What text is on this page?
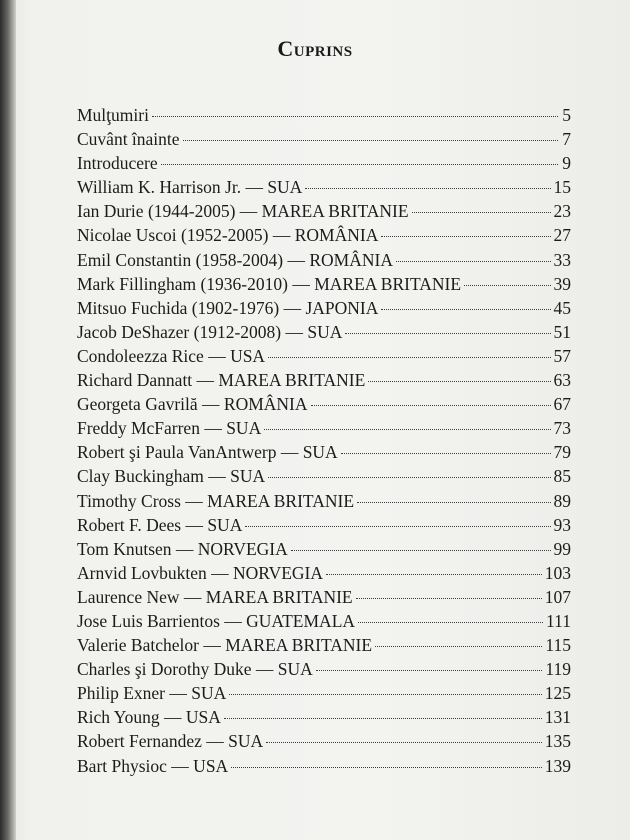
Cuprins
Mulţumiri	5
Cuvânt înainte	7
Introducere	9
William K. Harrison Jr. — SUA	15
Ian Durie (1944-2005) — MAREA BRITANIE	23
Nicolae Uscoi (1952-2005) — ROMÂNIA	27
Emil Constantin (1958-2004) — ROMÂNIA	33
Mark Fillingham (1936-2010) — MAREA BRITANIE	39
Mitsuo Fuchida (1902-1976) — JAPONIA	45
Jacob DeShazer (1912-2008) — SUA	51
Condoleezza Rice — USA	57
Richard Dannatt — MAREA BRITANIE	63
Georgeta Gavrilă — ROMÂNIA	67
Freddy McFarren — SUA	73
Robert şi Paula VanAntwerp — SUA	79
Clay Buckingham — SUA	85
Timothy Cross — MAREA BRITANIE	89
Robert F. Dees — SUA	93
Tom Knutsen — NORVEGIA	99
Arnvid Lovbukten — NORVEGIA	103
Laurence New — MAREA BRITANIE	107
Jose Luis Barrientos — GUATEMALA	111
Valerie Batchelor — MAREA BRITANIE	115
Charles şi Dorothy Duke — SUA	119
Philip Exner — SUA	125
Rich Young — USA	131
Robert Fernandez — SUA	135
Bart Physioc — USA	139
